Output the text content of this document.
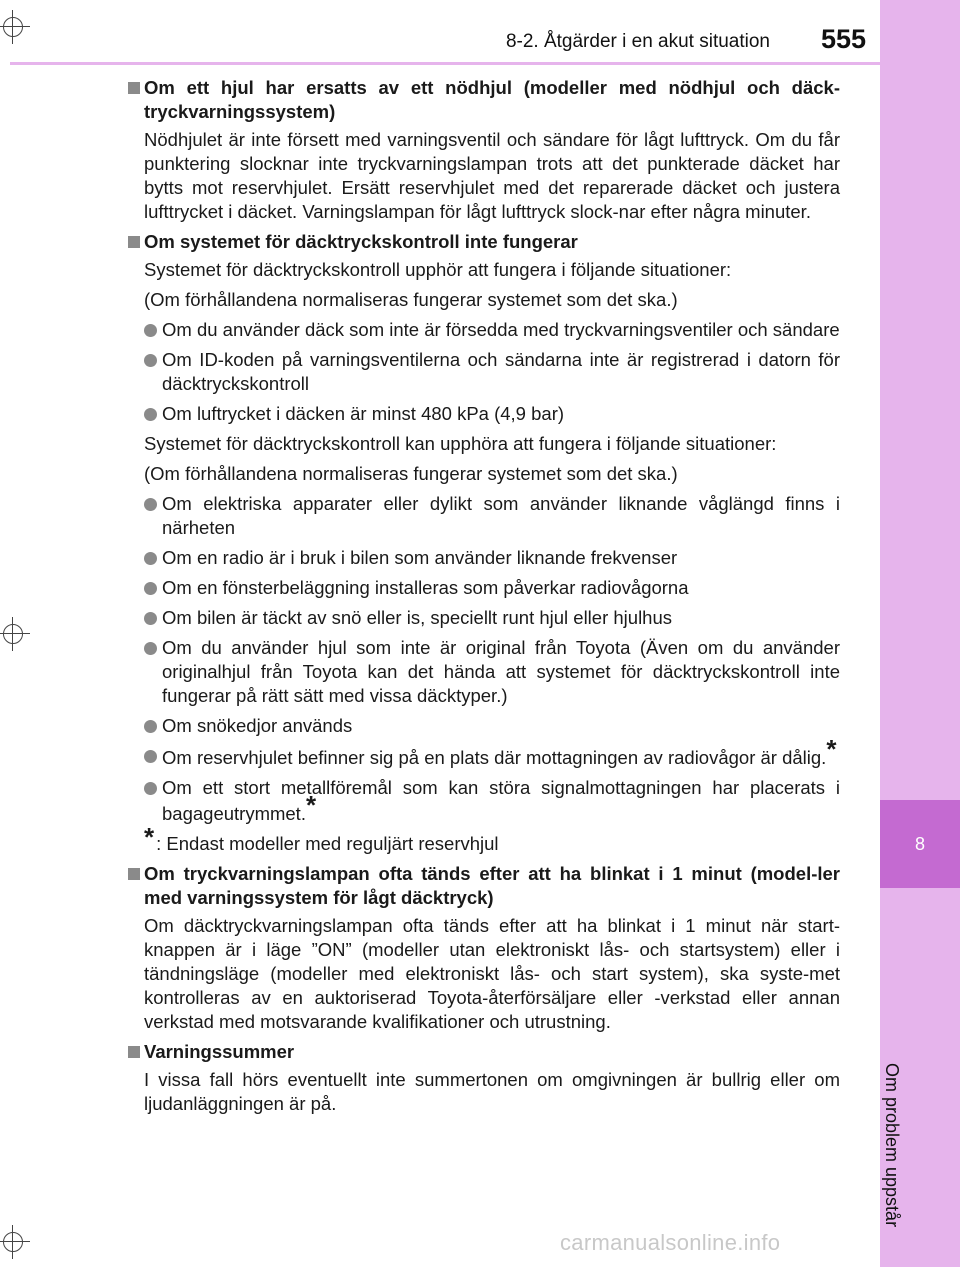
8-2. Åtgärder i en akut situation 555
8
Om problem uppstår
Om ett hjul har ersatts av ett nödhjul (modeller med nödhjul och däck-tryckvarningssystem)
Nödhjulet är inte försett med varningsventil och sändare för lågt lufttryck. Om du får punktering slocknar inte tryckvarningslampan trots att det punkterade däcket har bytts mot reservhjulet. Ersätt reservhjulet med det reparerade däcket och justera lufttrycket i däcket. Varningslampan för lågt lufttryck slock-nar efter några minuter.
Om systemet för däcktryckskontroll inte fungerar
Systemet för däcktryckskontroll upphör att fungera i följande situationer:
(Om förhållandena normaliseras fungerar systemet som det ska.)
Om du använder däck som inte är försedda med tryckvarningsventiler och sändare
Om ID-koden på varningsventilerna och sändarna inte är registrerad i datorn för däcktryckskontroll
Om luftrycket i däcken är minst 480 kPa (4,9 bar)
Systemet för däcktryckskontroll kan upphöra att fungera i följande situationer:
(Om förhållandena normaliseras fungerar systemet som det ska.)
Om elektriska apparater eller dylikt som använder liknande våglängd finns i närheten
Om en radio är i bruk i bilen som använder liknande frekvenser
Om en fönsterbeläggning installeras som påverkar radiovågorna
Om bilen är täckt av snö eller is, speciellt runt hjul eller hjulhus
Om du använder hjul som inte är original från Toyota (Även om du använder originalhjul från Toyota kan det hända att systemet för däcktryckskontroll inte fungerar på rätt sätt med vissa däcktyper.)
Om snökedjor används
Om reservhjulet befinner sig på en plats där mottagningen av radiovågor är dålig.*
Om ett stort metallföremål som kan störa signalmottagningen har placerats i bagageutrymmet.*
* : Endast modeller med reguljärt reservhjul
Om tryckvarningslampan ofta tänds efter att ha blinkat i 1 minut (model-ler med varningssystem för lågt däcktryck)
Om däcktryckvarningslampan ofta tänds efter att ha blinkat i 1 minut när start-knappen är i läge ”ON” (modeller utan elektroniskt lås- och startsystem) eller i tändningsläge (modeller med elektroniskt lås- och start system), ska syste-met kontrolleras av en auktoriserad Toyota-återförsäljare eller -verkstad eller annan verkstad med motsvarande kvalifikationer och utrustning.
Varningssummer
I vissa fall hörs eventuellt inte summertonen om omgivningen är bullrig eller om ljudanläggningen är på.
carmanualsonline.info
